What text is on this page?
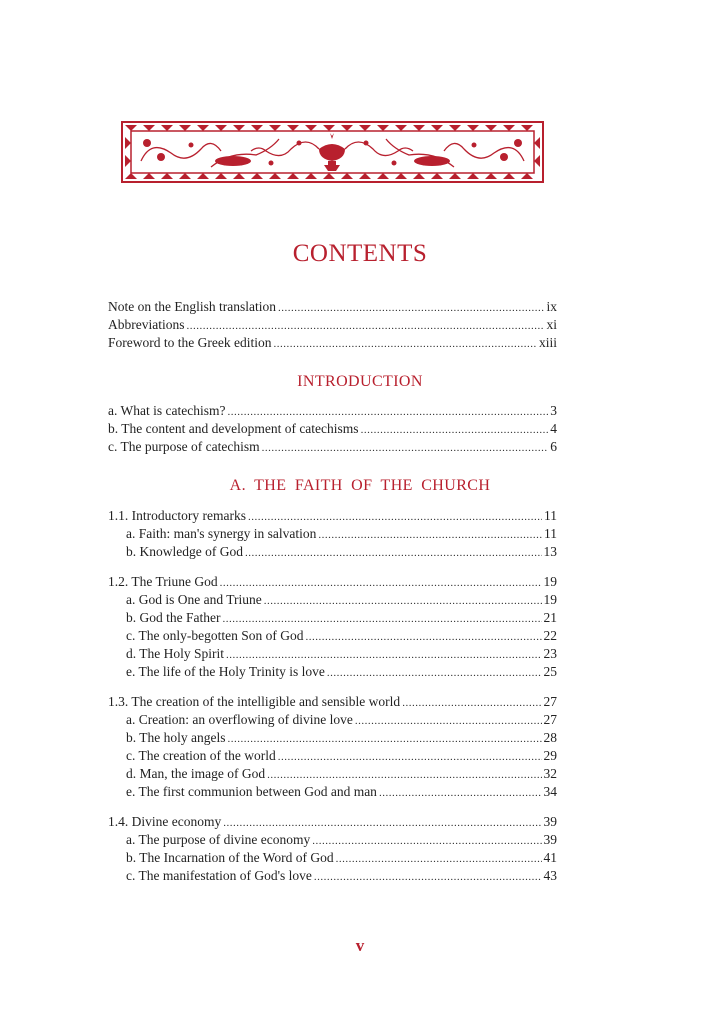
CONTENTS
Note on the English translation .....	ix
Abbreviations .....	xi
Foreword to the Greek edition .....	xiii
INTRODUCTION
a. What is catechism? .....	3
b. The content and development of catechisms .....	4
c. The purpose of catechism .....	6
A. THE FAITH OF THE CHURCH
1.1. Introductory remarks .....	11
a. Faith: man's synergy in salvation .....	11
b. Knowledge of God .....	13
1.2. The Triune God .....	19
a. God is One and Triune .....	19
b. God the Father .....	21
c. The only-begotten Son of God .....	22
d. The Holy Spirit .....	23
e. The life of the Holy Trinity is love .....	25
1.3. The creation of the intelligible and sensible world .....	27
a. Creation: an overflowing of divine love .....	27
b. The holy angels .....	28
c. The creation of the world .....	29
d. Man, the image of God .....	32
e. The first communion between God and man .....	34
1.4. Divine economy .....	39
a. The purpose of divine economy .....	39
b. The Incarnation of the Word of God .....	41
c. The manifestation of God's love .....	43
v
